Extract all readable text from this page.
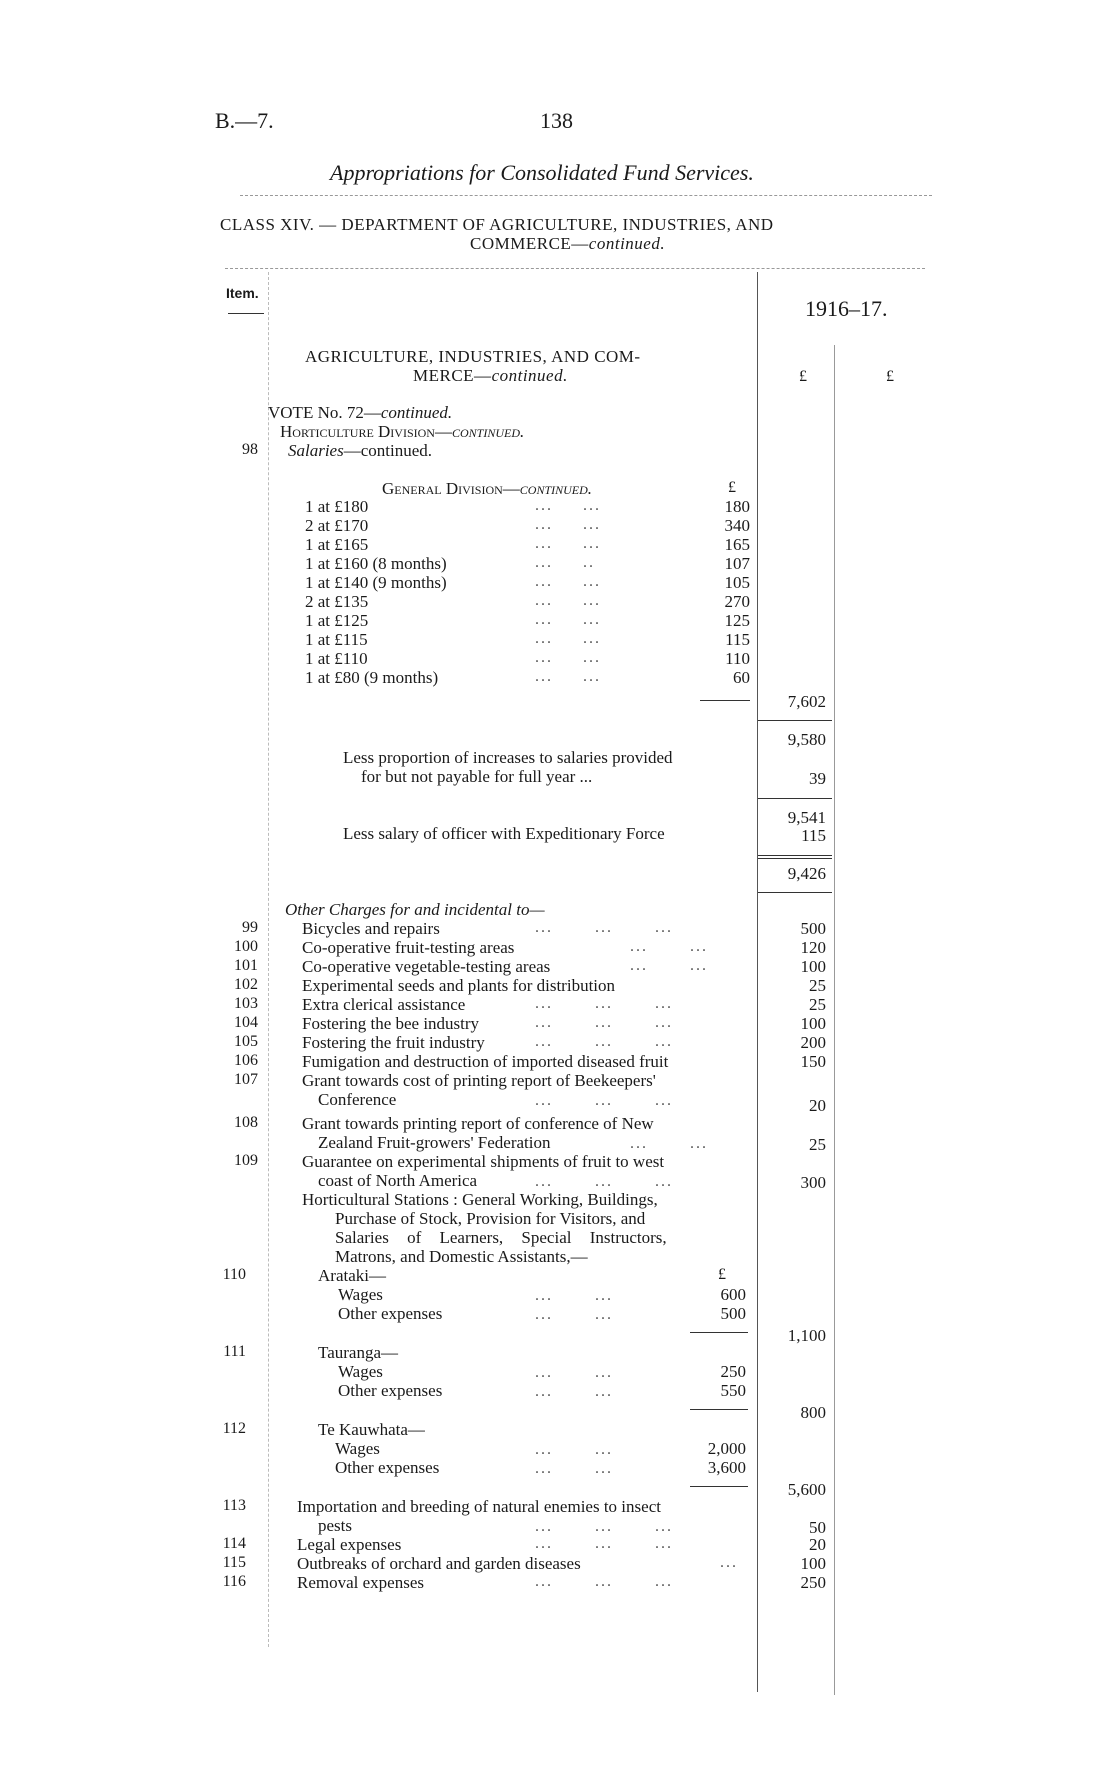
B.—7.	138
Appropriations for Consolidated Fund Services.
CLASS XIV. — DEPARTMENT OF AGRICULTURE, INDUSTRIES, AND
COMMERCE—continued.
Item.
1916–17.
£	£
AGRICULTURE, INDUSTRIES, AND COM-
MERCE—continued.
VOTE No. 72—continued.
Horticulture Division—continued.
98 Salaries—continued.
General Division—continued.	£
1 at £180	...     ...	180
2 at £170	...     ...	340
1 at £165	...     ...	165
1 at £160 (8 months)	...     ..	107
1 at £140 (9 months)	...     ...	105
2 at £135	...     ...	270
1 at £125	...     ...	125
1 at £115	...     ...	115
1 at £110	...     ...	110
1 at £80 (9 months)	...     ...	60
7,602
9,580
Less proportion of increases to salaries provided
for but not payable for full year ...	39
9,541
Less salary of officer with Expeditionary Force	115
9,426
Other Charges for and incidental to—
99	Bicycles and repairs	...       ...       ...	500
100	Co-operative fruit-testing areas	...       ...	120
101	Co-operative vegetable-testing areas	...       ...	100
102	Experimental seeds and plants for distribution	25
103	Extra clerical assistance	...       ...       ...	25
104	Fostering the bee industry	...       ...       ...	100
105	Fostering the fruit industry	...       ...       ...	200
106	Fumigation and destruction of imported diseased fruit	150
107	Grant towards cost of printing report of Beekeepers'
Conference	...       ...       ...	20
108	Grant towards printing report of conference of New
Zealand Fruit-growers' Federation	...       ...	25
109	Guarantee on experimental shipments of fruit to west
coast of North America	...       ...       ...	300
Horticultural Stations : General Working, Buildings,
Purchase of Stock, Provision for Visitors, and
Salaries of Learners, Special Instructors,
Matrons, and Domestic Assistants,—
110	Arataki—	£
Wages	...       ...	600
Other expenses	...       ...	500
1,100
111	Tauranga—
Wages	...       ...	250
Other expenses	...       ...	550
800
112	Te Kauwhata—
Wages	...       ...	2,000
Other expenses	...       ...	3,600
5,600
113	Importation and breeding of natural enemies to insect
pests	...       ...       ...	50
114	Legal expenses	...       ...       ...	20
115	Outbreaks of orchard and garden diseases	...	100
116	Removal expenses	...       ...       ...	250
